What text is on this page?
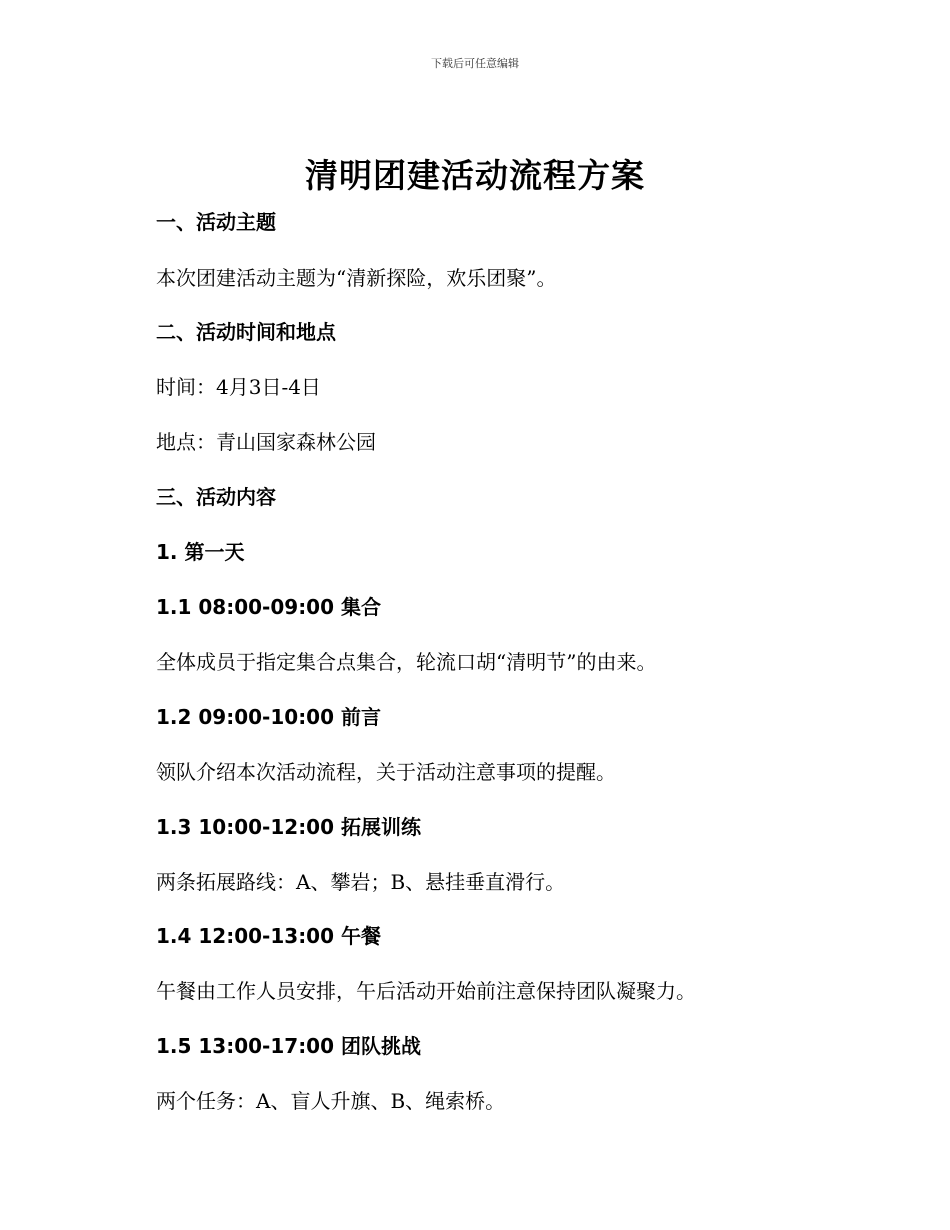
下载后可任意编辑
清明团建活动流程方案
一、活动主题
本次团建活动主题为“清新探险，欢乐团聚”。
二、活动时间和地点
时间：4月3日-4日
地点：青山国家森林公园
三、活动内容
1. 第一天
1.1 08:00-09:00 集合
全体成员于指定集合点集合，轮流口胡“清明节”的由来。
1.2 09:00-10:00 前言
领队介绍本次活动流程，关于活动注意事项的提醒。
1.3 10:00-12:00 拓展训练
两条拓展路线：A、攀岩；B、悬挂垂直滑行。
1.4 12:00-13:00 午餐
午餐由工作人员安排，午后活动开始前注意保持团队凝聚力。
1.5 13:00-17:00 团队挑战
两个任务：A、盲人升旗、B、绳索桥。
